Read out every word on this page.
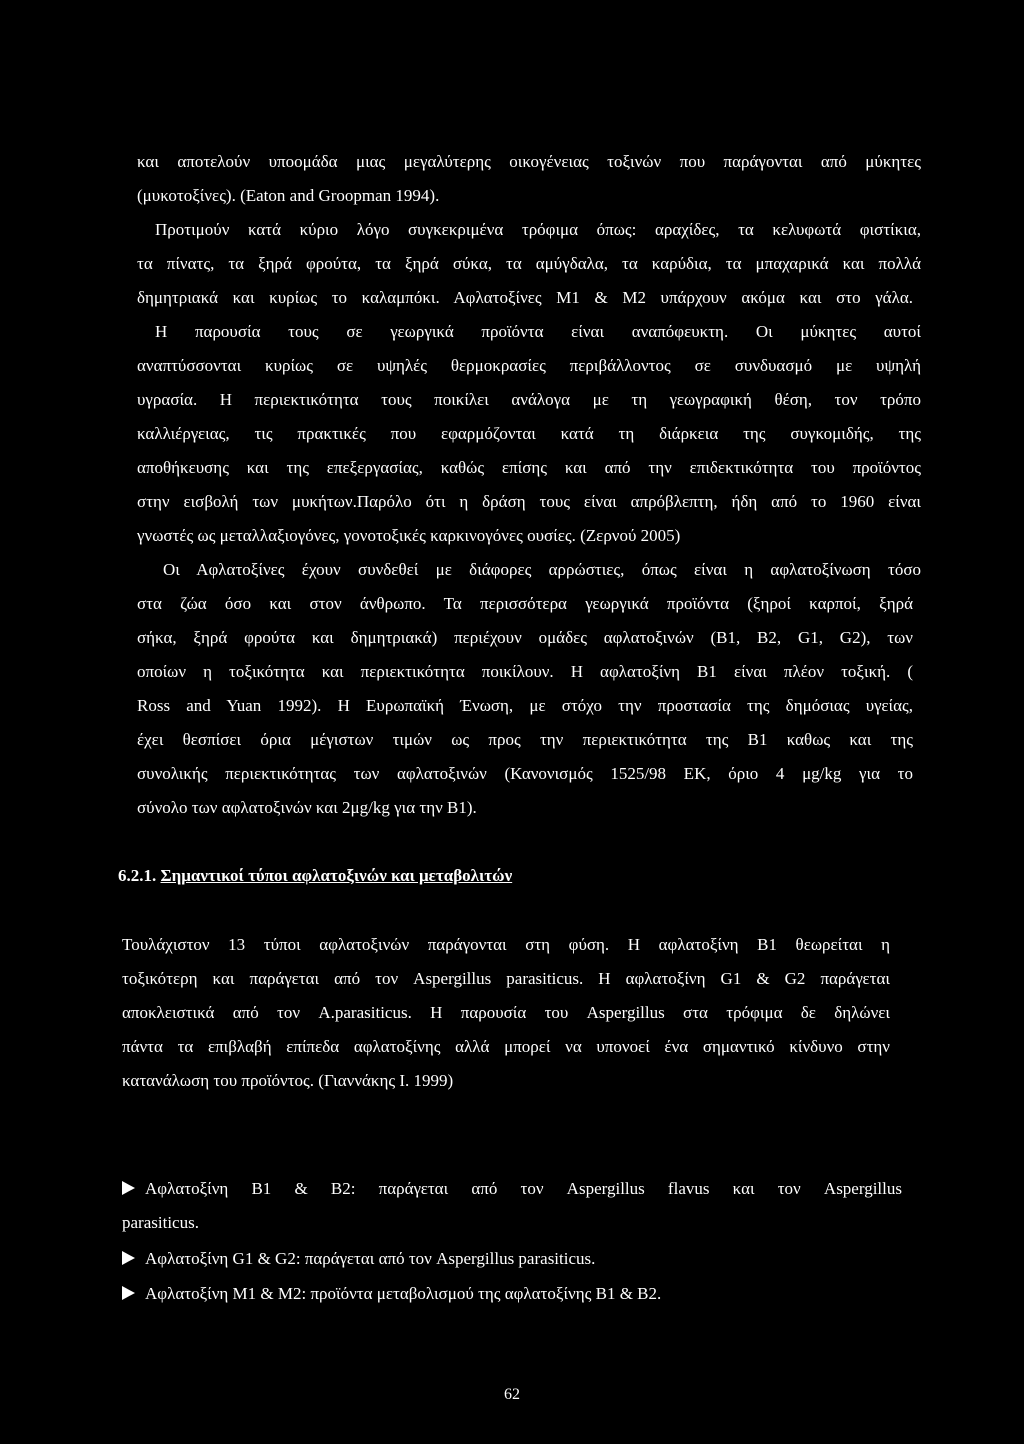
και αποτελούν υποομάδα μιας μεγαλύτερης οικογένειας τοξινών που παράγονται από μύκητες
(μυκοτοξίνες). (Eaton and Groopman 1994).
Προτιμούν κατά κύριο λόγο συγκεκριμένα τρόφιμα όπως: αραχίδες, τα κελυφωτά φιστίκια,
τα πίνατς, τα ξηρά φρούτα, τα ξηρά σύκα, τα αμύγδαλα, τα καρύδια, τα μπαχαρικά και πολλά
δημητριακά και κυρίως το καλαμπόκι. Αφλατοξίνες Μ1 & Μ2 υπάρχουν ακόμα και στο γάλα.
Η παρουσία τους σε γεωργικά προϊόντα είναι αναπόφευκτη. Οι μύκητες αυτοί
αναπτύσσονται κυρίως σε υψηλές θερμοκρασίες περιβάλλοντος σε συνδυασμό με υψηλή
υγρασία. Η περιεκτικότητα τους ποικίλει ανάλογα με τη γεωγραφική θέση, τον τρόπο
καλλιέργειας, τις πρακτικές που εφαρμόζονται κατά τη διάρκεια της συγκομιδής, της
αποθήκευσης και της επεξεργασίας, καθώς επίσης και από την επιδεκτικότητα του προϊόντος
στην εισβολή των μυκήτων.Παρόλο ότι η δράση τους είναι απρόβλεπτη, ήδη από το 1960 είναι
γνωστές ως μεταλλαξιογόνες, γονοτοξικές καρκινογόνες ουσίες. (Ζερνού 2005)
Οι Αφλατοξίνες έχουν συνδεθεί με διάφορες αρρώστιες, όπως είναι η αφλατοξίνωση τόσο
στα ζώα όσο και στον άνθρωπο. Τα περισσότερα γεωργικά προϊόντα (ξηροί καρποί, ξηρά
σήκα, ξηρά φρούτα και δημητριακά) περιέχουν ομάδες αφλατοξινών (Β1, Β2, G1, G2), των
οποίων η τοξικότητα και περιεκτικότητα ποικίλουν. Η αφλατοξίνη Β1 είναι πλέον τοξική. (
Ross and Yuan 1992). Η Ευρωπαϊκή Ένωση, με στόχο την προστασία της δημόσιας υγείας,
έχει θεσπίσει όρια μέγιστων τιμών ως προς την περιεκτικότητα της Β1 καθως και της
συνολικής περιεκτικότητας των αφλατοξινών (Κανονισμός 1525/98 ΕΚ, όριο 4 μg/kg για το
σύνολο των αφλατοξινών και 2μg/kg για την Β1).
6.2.1. Σημαντικοί τύποι αφλατοξινών και μεταβολιτών
Τουλάχιστον 13 τύποι αφλατοξινών παράγονται στη φύση. Η αφλατοξίνη Β1 θεωρείται η
τοξικότερη και παράγεται από τον Aspergillus parasiticus. Η αφλατοξίνη G1 & G2 παράγεται
αποκλειστικά από τον A.parasiticus. Η παρουσία του Aspergillus στα τρόφιμα δε δηλώνει
πάντα τα επιβλαβή επίπεδα αφλατοξίνης αλλά μπορεί να υπονοεί ένα σημαντικό κίνδυνο στην
κατανάλωση του προϊόντος. (Γιαννάκης Ι. 1999)
Αφλατοξίνη Β1 & Β2: παράγεται από τον Aspergillus flavus και τον Aspergillus
parasiticus.
Αφλατοξίνη G1 & G2: παράγεται από τον Aspergillus parasiticus.
Αφλατοξίνη Μ1 & Μ2: προϊόντα μεταβολισμού της αφλατοξίνης Β1 & Β2.
62
